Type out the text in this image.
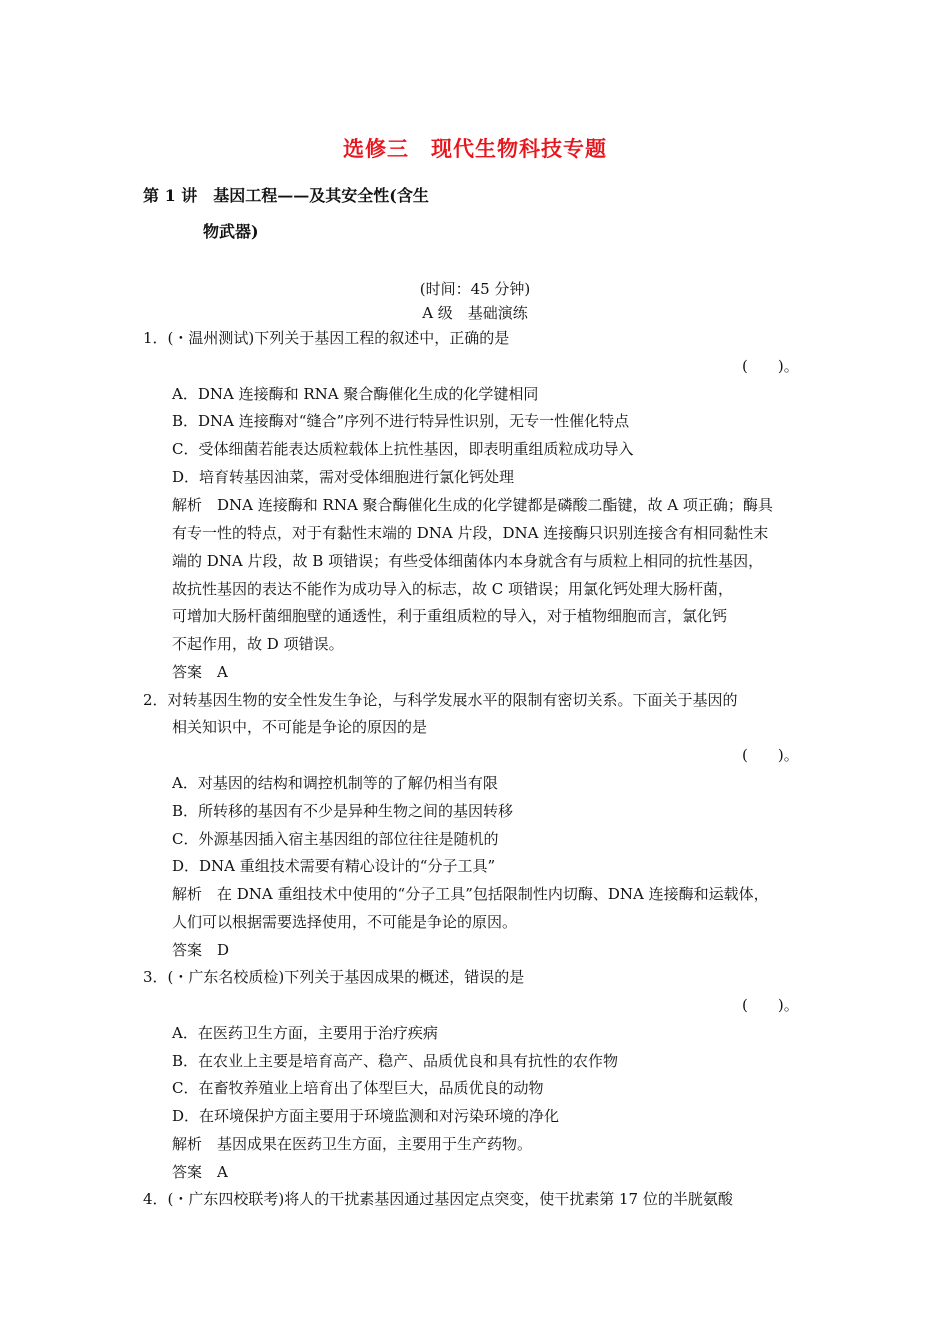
选修三　现代生物科技专题
第 1 讲　基因工程——及其安全性(含生
物武器)
(时间：45 分钟)
A 级　基础演练
1．(・温州测试)下列关于基因工程的叙述中，正确的是
(　　)。
A．DNA 连接酶和 RNA 聚合酶催化生成的化学键相同
B．DNA 连接酶对“缝合”序列不进行特异性识别，无专一性催化特点
C．受体细菌若能表达质粒载体上抗性基因，即表明重组质粒成功导入
D．培育转基因油菜，需对受体细胞进行氯化钙处理
解析　DNA 连接酶和 RNA 聚合酶催化生成的化学键都是磷酸二酯键，故 A 项正确；酶具
有专一性的特点，对于有黏性末端的 DNA 片段，DNA 连接酶只识别连接含有相同黏性末
端的 DNA 片段，故 B 项错误；有些受体细菌体内本身就含有与质粒上相同的抗性基因，
故抗性基因的表达不能作为成功导入的标志，故 C 项错误；用氯化钙处理大肠杆菌，
可增加大肠杆菌细胞壁的通透性，利于重组质粒的导入，对于植物细胞而言，氯化钙
不起作用，故 D 项错误。
答案　A
2．对转基因生物的安全性发生争论，与科学发展水平的限制有密切关系。下面关于基因的
相关知识中，不可能是争论的原因的是
(　　)。
A．对基因的结构和调控机制等的了解仍相当有限
B．所转移的基因有不少是异种生物之间的基因转移
C．外源基因插入宿主基因组的部位往往是随机的
D．DNA 重组技术需要有精心设计的“分子工具”
解析　在 DNA 重组技术中使用的“分子工具”包括限制性内切酶、DNA 连接酶和运载体，
人们可以根据需要选择使用，不可能是争论的原因。
答案　D
3．(・广东名校质检)下列关于基因成果的概述，错误的是
(　　)。
A．在医药卫生方面，主要用于治疗疾病
B．在农业上主要是培育高产、稳产、品质优良和具有抗性的农作物
C．在畜牧养殖业上培育出了体型巨大，品质优良的动物
D．在环境保护方面主要用于环境监测和对污染环境的净化
解析　基因成果在医药卫生方面，主要用于生产药物。
答案　A
4．(・广东四校联考)将人的干扰素基因通过基因定点突变，使干扰素第 17 位的半胱氨酸
